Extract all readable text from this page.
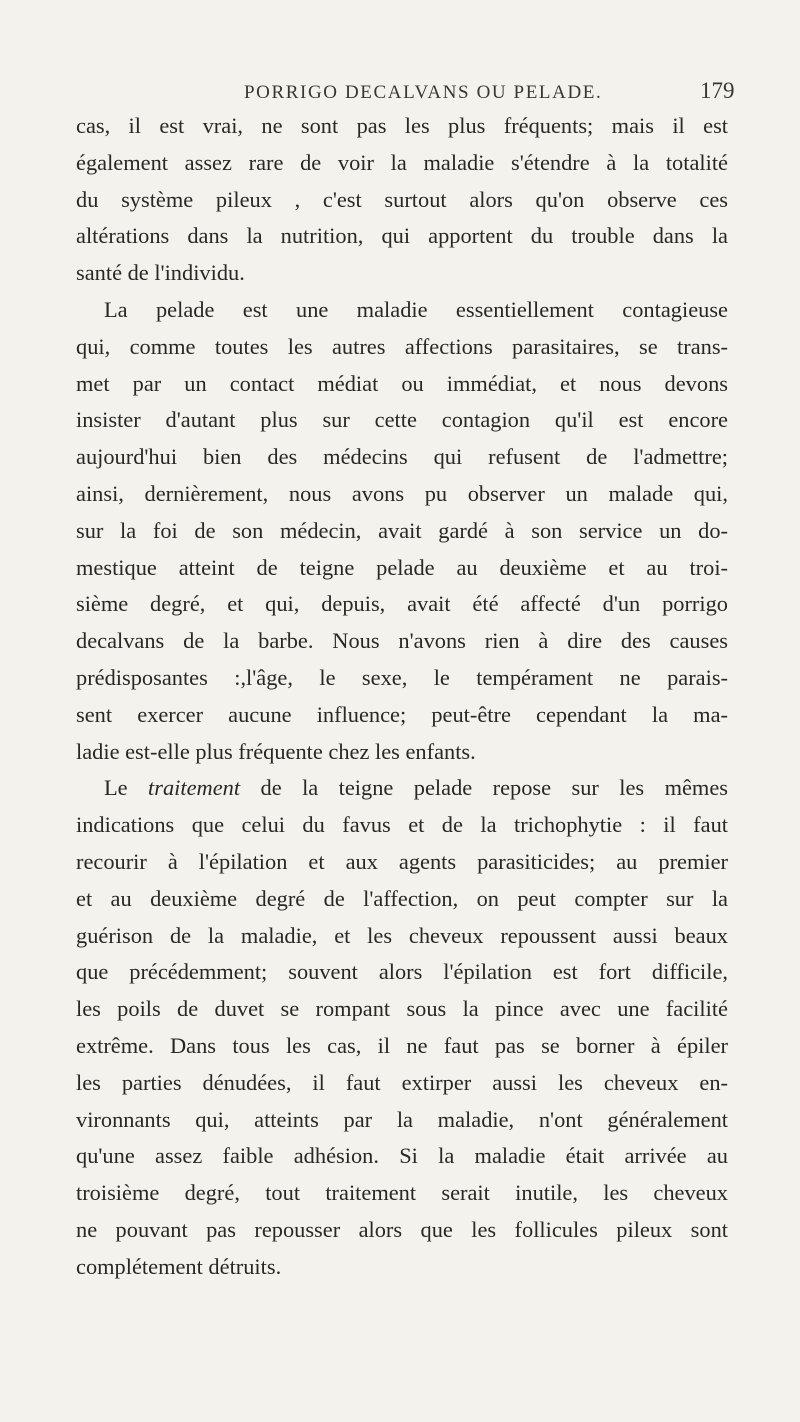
PORRIGO DECALVANS OU PELADE.	179
cas, il est vrai, ne sont pas les plus fréquents; mais il est
également assez rare de voir la maladie s'étendre à la totalité
du système pileux , c'est surtout alors qu'on observe ces
altérations dans la nutrition, qui apportent du trouble dans la
santé de l'individu.
La pelade est une maladie essentiellement contagieuse
qui, comme toutes les autres affections parasitaires, se trans-
met par un contact médiat ou immédiat, et nous devons
insister d'autant plus sur cette contagion qu'il est encore
aujourd'hui bien des médecins qui refusent de l'admettre;
ainsi, dernièrement, nous avons pu observer un malade qui,
sur la foi de son médecin, avait gardé à son service un do-
mestique atteint de teigne pelade au deuxième et au troi-
sième degré, et qui, depuis, avait été affecté d'un porrigo
decalvans de la barbe. Nous n'avons rien à dire des causes
prédisposantes :,l'âge, le sexe, le tempérament ne parais-
sent exercer aucune influence; peut-être cependant la ma-
ladie est-elle plus fréquente chez les enfants.
Le traitement de la teigne pelade repose sur les mêmes
indications que celui du favus et de la trichophytie : il faut
recourir à l'épilation et aux agents parasiticides; au premier
et au deuxième degré de l'affection, on peut compter sur la
guérison de la maladie, et les cheveux repoussent aussi beaux
que précédemment; souvent alors l'épilation est fort difficile,
les poils de duvet se rompant sous la pince avec une facilité
extrême. Dans tous les cas, il ne faut pas se borner à épiler
les parties dénudées, il faut extirper aussi les cheveux en-
vironnants qui, atteints par la maladie, n'ont généralement
qu'une assez faible adhésion. Si la maladie était arrivée au
troisième degré, tout traitement serait inutile, les cheveux
ne pouvant pas repousser alors que les follicules pileux sont
complétement détruits.
